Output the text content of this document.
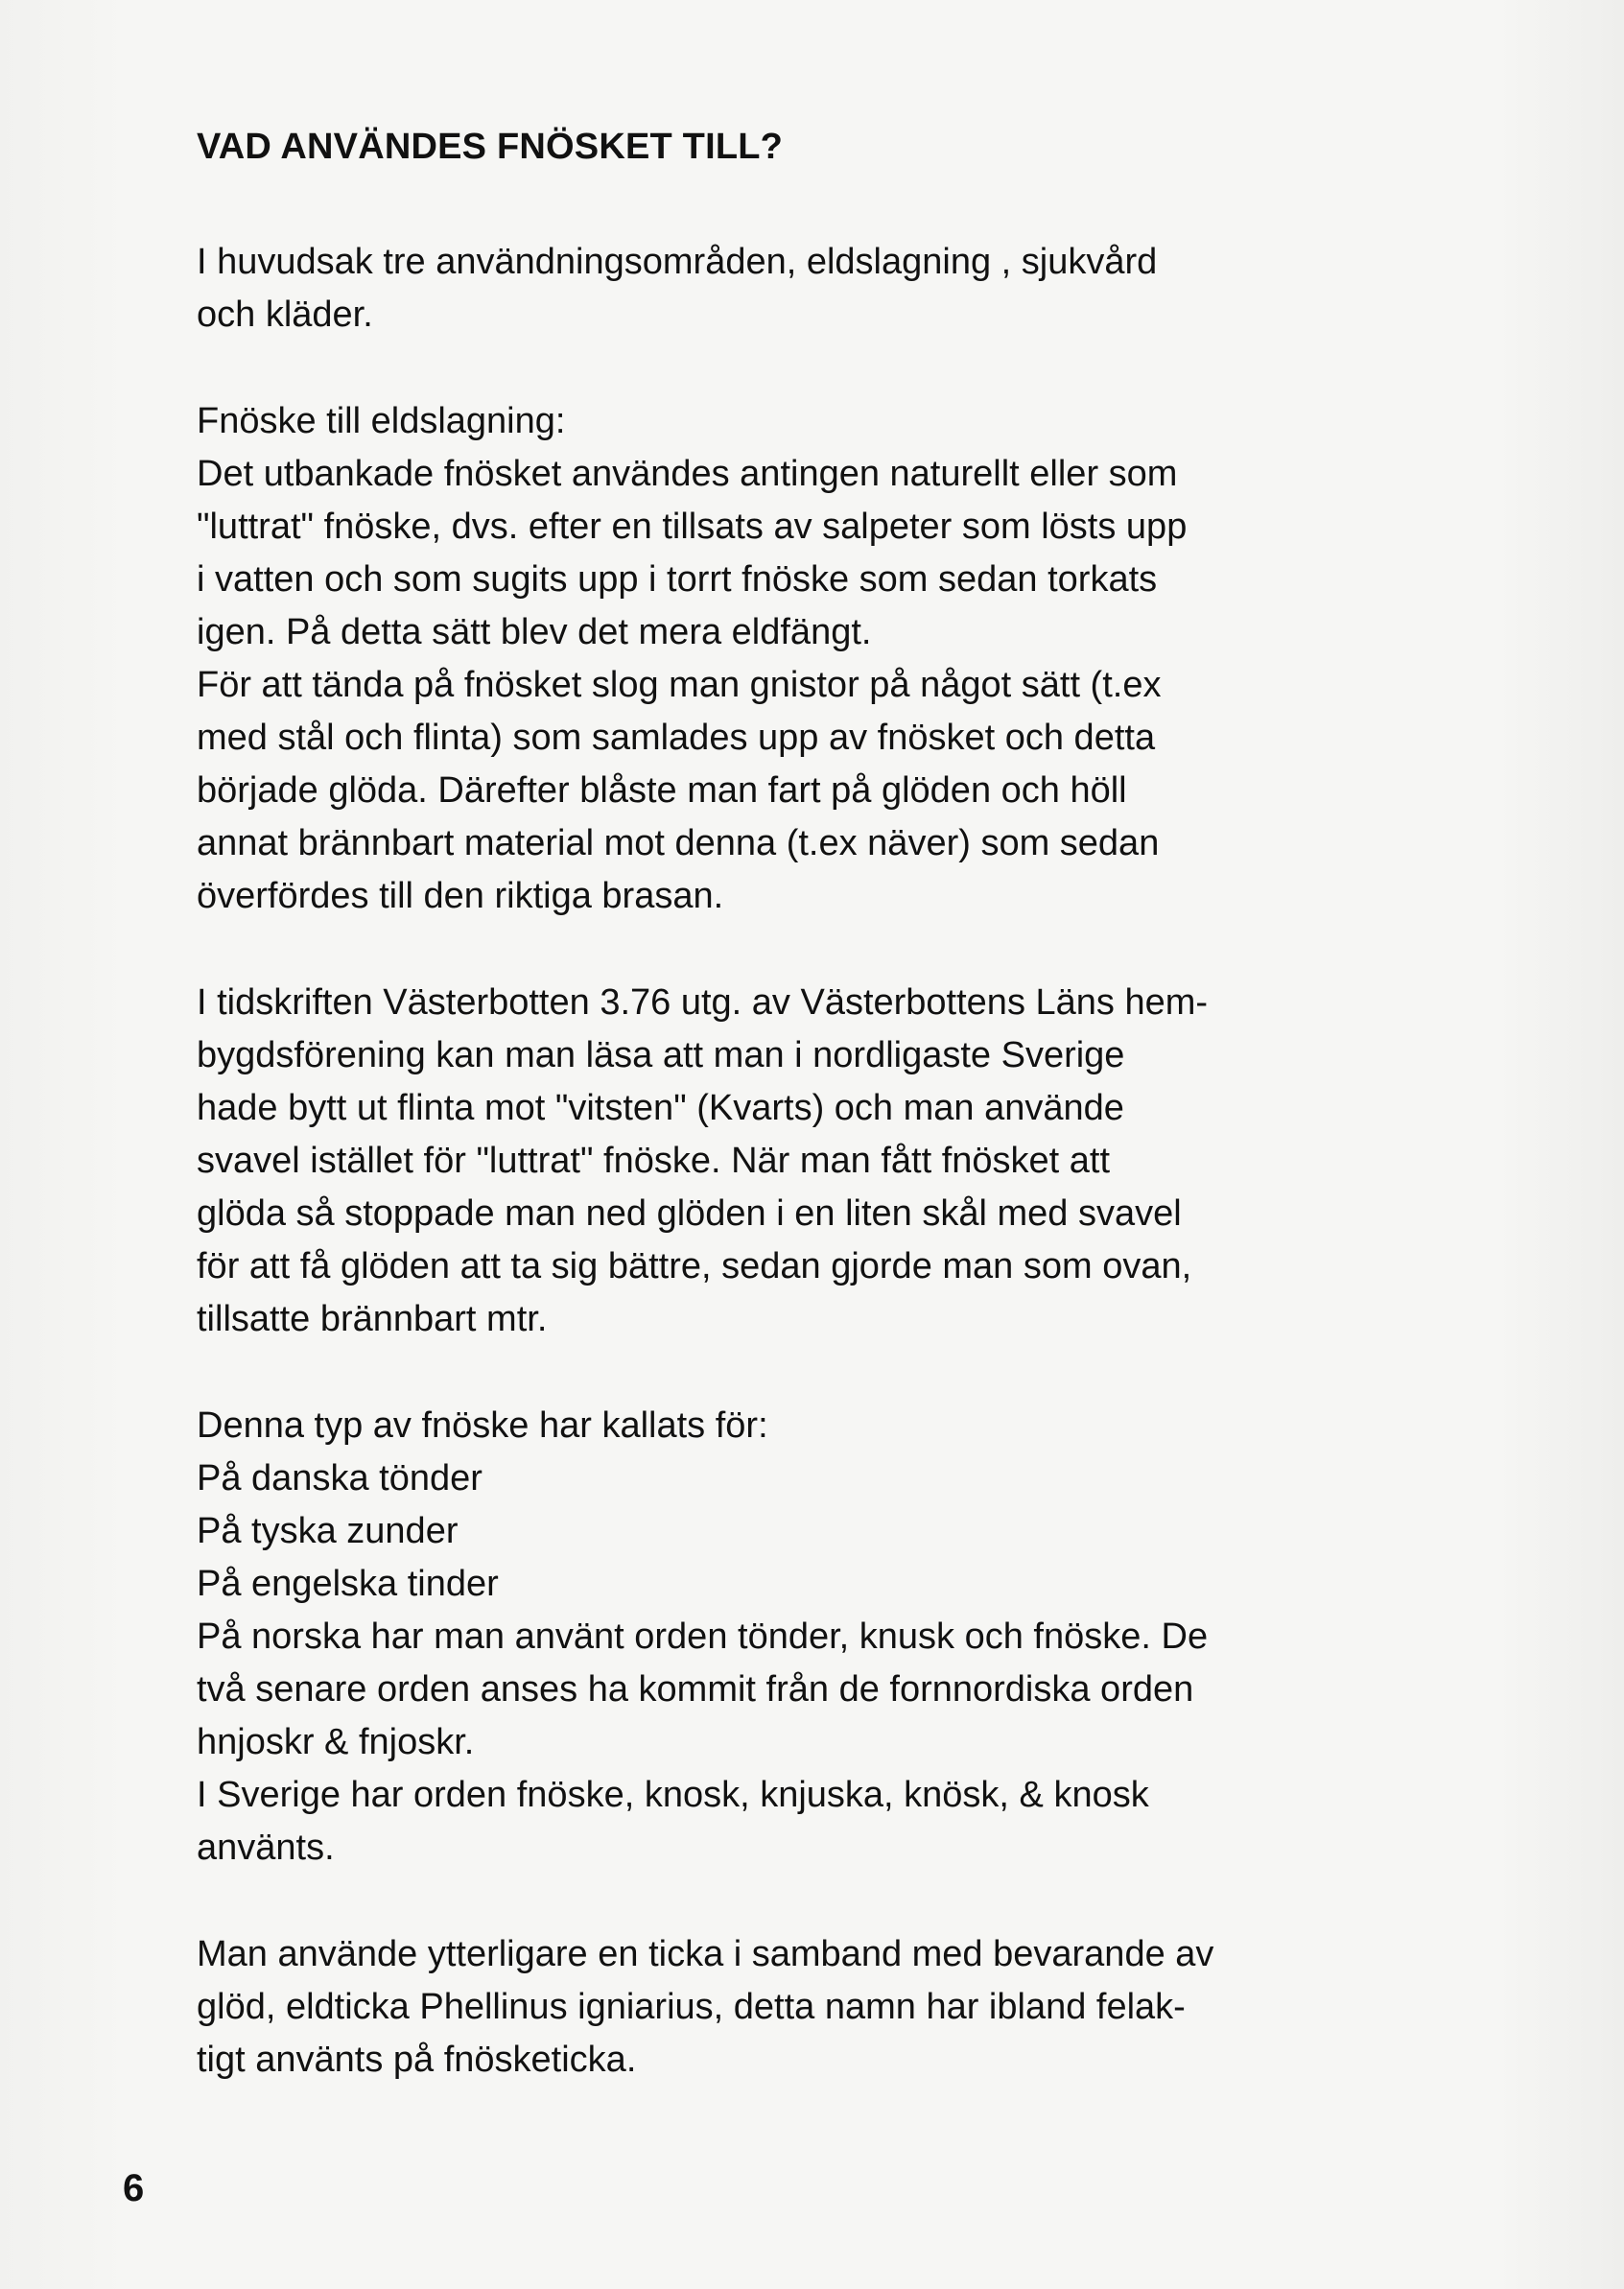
VAD ANVÄNDES FNÖSKET TILL?
I huvudsak tre användningsområden, eldslagning , sjukvård
och kläder.
Fnöske till eldslagning:
Det utbankade fnösket användes antingen naturellt eller som
"luttrat" fnöske, dvs. efter en tillsats av salpeter som lösts upp
i vatten och som sugits upp i torrt fnöske som sedan torkats
igen. På detta sätt blev det mera eldfängt.
För att tända på fnösket slog man gnistor på något sätt (t.ex
med stål och flinta) som samlades upp av fnösket och detta
började glöda. Därefter blåste man fart på glöden och höll
annat brännbart material mot denna (t.ex näver) som sedan
överfördes till den riktiga brasan.
I tidskriften Västerbotten 3.76 utg. av Västerbottens Läns hem-
bygdsförening kan man läsa att man i nordligaste Sverige
hade bytt ut flinta mot "vitsten" (Kvarts) och man använde
svavel istället för "luttrat" fnöske. När man fått fnösket att
glöda så stoppade man ned glöden i en liten skål med svavel
för att få glöden att ta sig bättre, sedan gjorde man som ovan,
tillsatte brännbart mtr.
Denna typ av fnöske har kallats för:
På danska tönder
På tyska zunder
På engelska tinder
På norska har man använt orden tönder, knusk och fnöske. De
två senare orden anses ha kommit från de fornnordiska orden
hnjoskr & fnjoskr.
I Sverige har orden fnöske, knosk, knjuska, knösk, & knosk
använts.
Man använde ytterligare en ticka i samband med bevarande av
glöd, eldticka Phellinus igniarius, detta namn har ibland felak-
tigt använts på fnösketicka.
6
